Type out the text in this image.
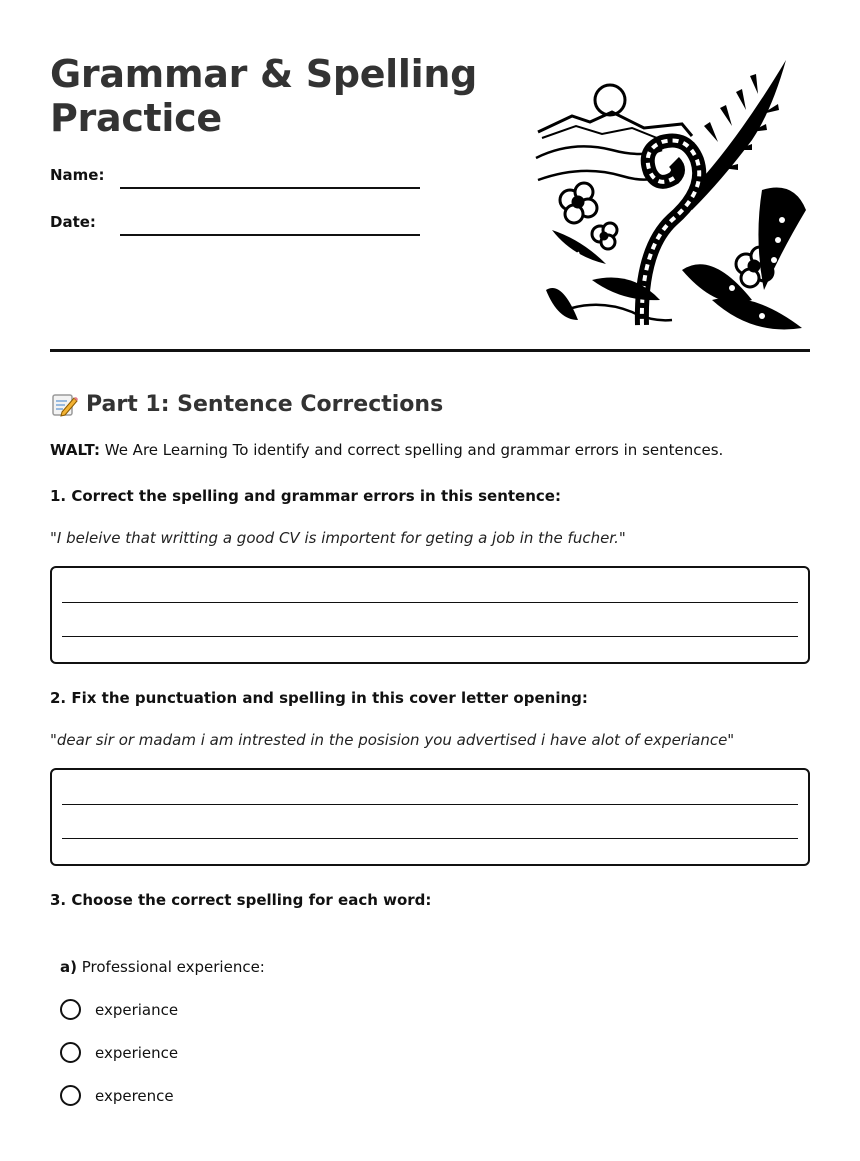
Grammar & Spelling Practice
Name:
Date:
Part 1: Sentence Corrections
WALT: We Are Learning To identify and correct spelling and grammar errors in sentences.
1. Correct the spelling and grammar errors in this sentence:
"I beleive that writting a good CV is importent for geting a job in the fucher."
2. Fix the punctuation and spelling in this cover letter opening:
"dear sir or madam i am intrested in the posision you advertised i have alot of experiance"
3. Choose the correct spelling for each word:
a) Professional experience:
experiance
experience
experence
